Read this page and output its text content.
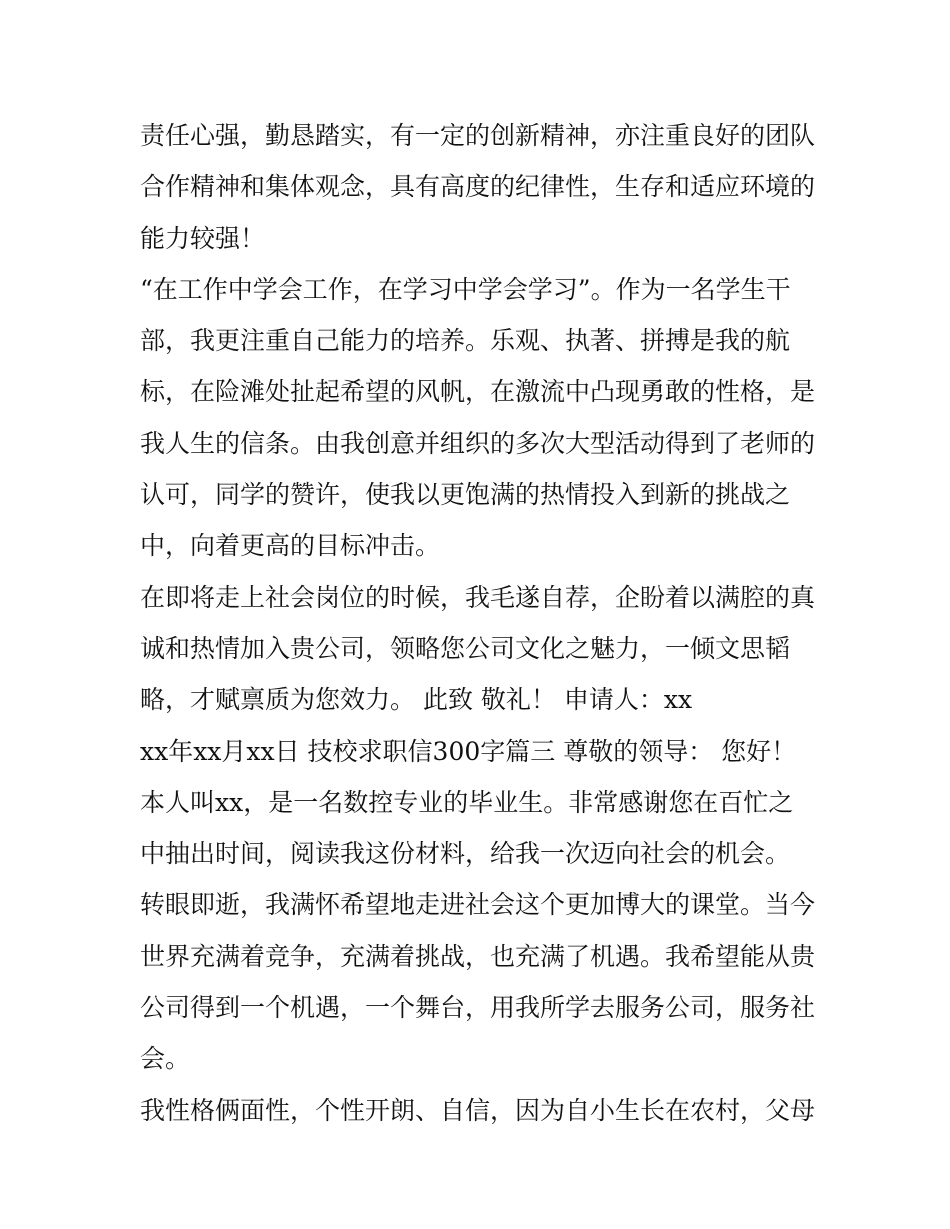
责任心强，勤恳踏实，有一定的创新精神，亦注重良好的团队
合作精神和集体观念，具有高度的纪律性，生存和适应环境的
能力较强！
“在工作中学会工作，在学习中学会学习”。作为一名学生干
部，我更注重自己能力的培养。乐观、执著、拼搏是我的航
标，在险滩处扯起希望的风帆，在激流中凸现勇敢的性格，是
我人生的信条。由我创意并组织的多次大型活动得到了老师的
认可，同学的赞许，使我以更饱满的热情投入到新的挑战之
中，向着更高的目标冲击。
在即将走上社会岗位的时候，我毛遂自荐，企盼着以满腔的真
诚和热情加入贵公司，领略您公司文化之魅力，一倾文思韬
略，才赋禀质为您效力。 此致 敬礼！ 申请人：xx
xx年xx月xx日 技校求职信300字篇三 尊敬的领导： 您好！
本人叫xx，是一名数控专业的毕业生。非常感谢您在百忙之
中抽出时间，阅读我这份材料，给我一次迈向社会的机会。
转眼即逝，我满怀希望地走进社会这个更加博大的课堂。当今
世界充满着竞争，充满着挑战，也充满了机遇。我希望能从贵
公司得到一个机遇，一个舞台，用我所学去服务公司，服务社
会。
我性格俩面性，个性开朗、自信，因为自小生长在农村，父母
